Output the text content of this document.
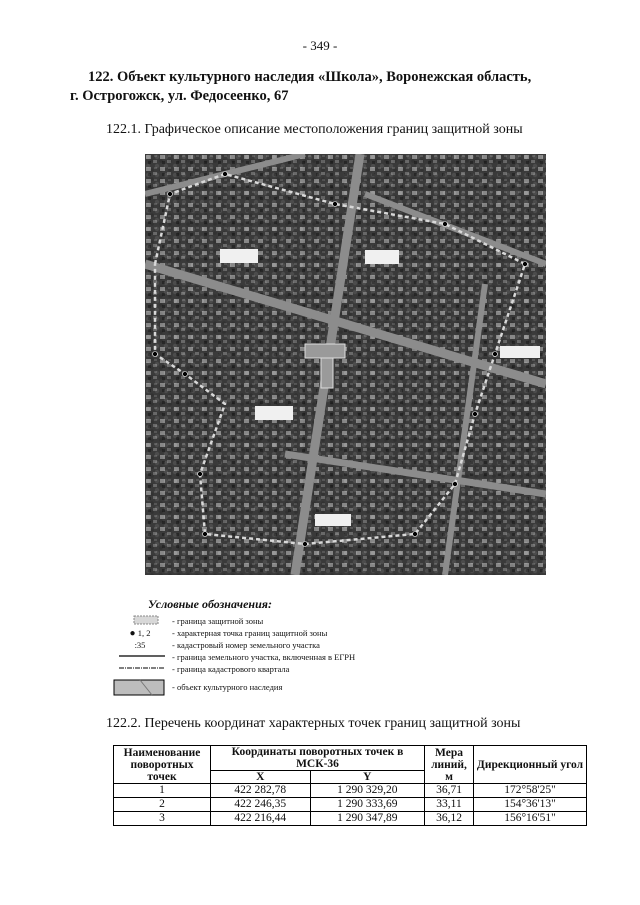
- 349 -
122. Объект культурного наследия «Школа», Воронежская область,
г. Острогожск, ул. Федосеенко, 67
122.1. Графическое описание местоположения границ защитной зоны
Условные обозначения:
- граница защитной зоны
● 1, 2	- характерная точка границ защитной зоны
:35	- кадастровый номер земельного участка
- граница земельного участка, включенная в ЕГРН
- граница кадастрового квартала
- объект культурного наследия
122.2. Перечень координат характерных точек границ защитной зоны
Наименование поворотных точек	Координаты поворотных точек в МСК-36		Мера линий, м	Дирекционный угол
	X	Y		
1	422 282,78	1 290 329,20	36,71	172°58'25"
2	422 246,35	1 290 333,69	33,11	154°36'13"
3	422 216,44	1 290 347,89	36,12	156°16'51"
